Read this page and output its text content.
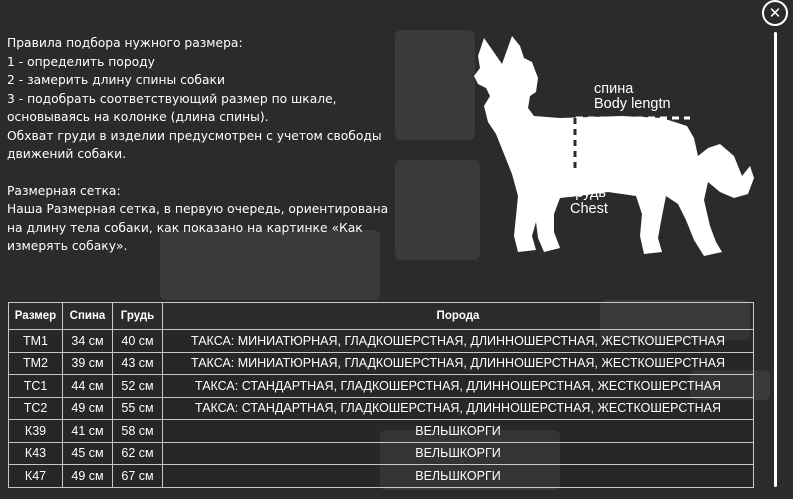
✕

Правила подбора нужного размера:

1 - определить породу

2 - замерить длину спины собаки

3 - подобрать соответствующий размер по шкале, основываясь на колонке (длина спины).

Обхват груди в изделии предусмотрен с учетом свободы движений собаки.

Размерная сетка:

Наша Размерная сетка, в первую очередь, ориентирована на длину тела собаки, как показано на картинке «Как измерять собаку».

спина
Body lengtn
грудь
Chest
Размер	Спина	Грудь	Порода
ТМ1	34 см	40 см	ТАКСА: МИНИАТЮРНАЯ, ГЛАДКОШЕРСТНАЯ, ДЛИННОШЕРСТНАЯ, ЖЕСТКОШЕРСТНАЯ
ТМ2	39 см	43 см	ТАКСА: МИНИАТЮРНАЯ, ГЛАДКОШЕРСТНАЯ, ДЛИННОШЕРСТНАЯ, ЖЕСТКОШЕРСТНАЯ
ТС1	44 см	52 см	ТАКСА: СТАНДАРТНАЯ, ГЛАДКОШЕРСТНАЯ, ДЛИННОШЕРСТНАЯ, ЖЕСТКОШЕРСТНАЯ
ТС2	49 см	55 см	ТАКСА: СТАНДАРТНАЯ, ГЛАДКОШЕРСТНАЯ, ДЛИННОШЕРСТНАЯ, ЖЕСТКОШЕРСТНАЯ
К39	41 см	58 см	ВЕЛЬШКОРГИ
К43	45 см	62 см	ВЕЛЬШКОРГИ
К47	49 см	67 см	ВЕЛЬШКОРГИ
